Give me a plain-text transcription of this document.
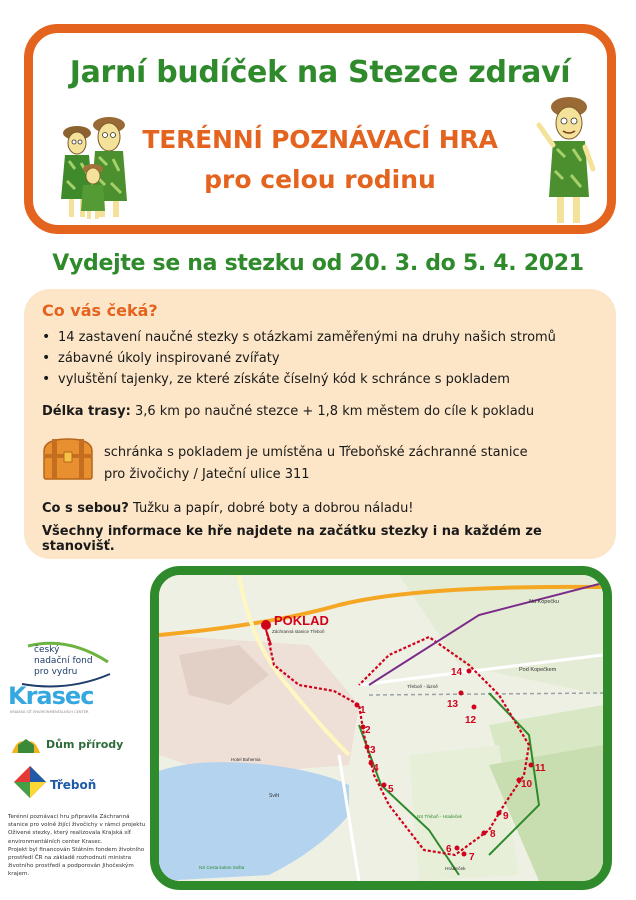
Jarní budíček na Stezce zdraví
TERÉNNÍ POZNÁVACÍ HRA
pro celou rodinu
Vydejte se na stezku od 20. 3. do 5. 4. 2021
Co vás čeká?
• 14 zastavení naučné stezky s otázkami zaměřenými na druhy našich stromů
• zábavné úkoly inspirované zvířaty
• vyluštění tajenky, ze které získáte číselný kód k schránce s pokladem
Délka trasy: 3,6 km po naučné stezce + 1,8 km městem do cíle k pokladu
schránka s pokladem je umístěna u Třeboňské záchranné stanice
pro živočichy / Jateční ulice 311
Co s sebou? Tužku a papír, dobré boty a dobrou náladu!
Všechny informace ke hře najdete na začátku stezky i na každém ze stanovišť.
český
nadační fond
pro vydru
Krasec
KRAJSKÁ SÍŤ ENVIRONMENTÁLNÍCH CENTER
Dům přírody
Třeboň

Terénní poznávací hru připravila Záchranná stanice pro volně žijící živočichy v rámci projektu Oživené stezky, který realizovala Krajská síť environmentálních center Krasec.

Projekt byl financován Státním fondem životního prostředí ČR na základě rozhodnutí ministra životního prostředí a podporován Jihočeským krajem.

POKLAD
Záchranná stanice Třeboň
Na Kopečku
Pod Kopečkem
Třeboň - lázně
Svět
Hrádeček
NS Třeboň - Hradeček
NS Cesta kolem Světa
Hotel Bohemia
1
2
3
4
5
6
7
8
9
10
11
12
13
14
